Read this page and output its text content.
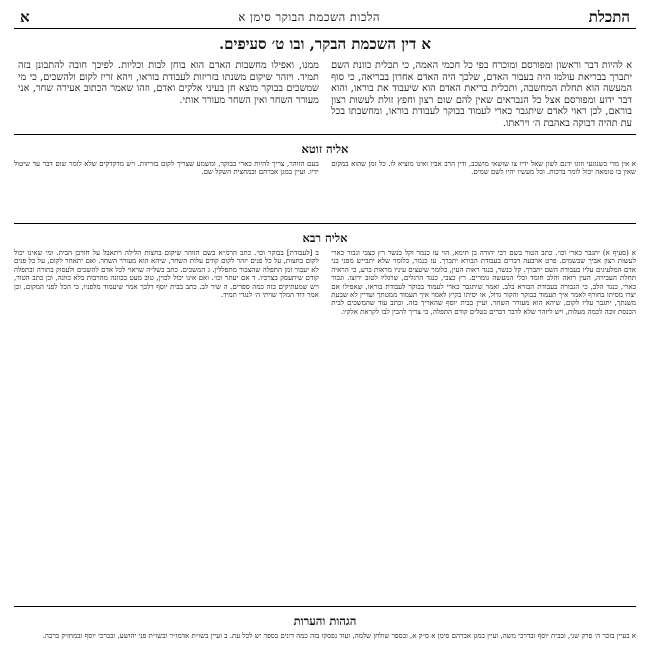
התכלת
הלכות השכמת הבוקר סימן א
א
א דין השכמת הבקר, ובו ט׳ סעיפים.
א להיות דבר וראשון ומפורסם ומוכרח בפי כל חכמי האמה, כי תכלית כוונת השם יתברך בבריאת עולמו היה בעבור האדם, שלכך היה האדם אחרון בבריאה, כי סוף המעשה הוא תחלת המחשבה, ותכלית בריאת האדם הוא שיעבוד את בוראו, והוא דבר ידוע ומפורסם אצל כל הנבראים שאין להם שום רצון וחפץ זולת לעשות רצון בוראם, לכן ראוי לאדם שיתגבר כארי לעמוד בבוקר לעבודת בוראו, ומחשבתו בכל עת תהיה דבוקה באהבת ה׳ ויראתו.
ממנו, ואפילו מחשבות האדם הוא בוחן לבות וכליות. לפיכך חובה להתבונן בזה תמיד. ויזהר שיקום משנתו בזריזות לעבודת בוראו, ויהא זריז לקום ולהשכים, כי מי שמשכים בבוקר מוצא חן בעיני אלקים ואדם, וזהו שאמר הכתוב אעירה שחר, אני מעורר השחר ואין השחר מעורר אותי.
אליה זוטא
א אין מדי כשנוגעי וזוגו ידנם לשון שאל ידיו צו שושאי מושכב, ודין הרב אביו ואינו מוציא לו. כל זמן שהוא במקום שאין בו טומאה יכול לומר ברכות. וכל מעשיו יהיו לשם שמים.
בעם הזוהר, צריך להיות כארי בבוקר, ומשמע שצריך לקום בזריזות. ויש מדקדקים שלא לומר שום דבר עד שיטול ידיו. ועיין במגן אברהם ובמחצית השקל שם.
אליה רבא
א (סעיף א) יתגבר כארי וכו׳. כתב הטור בשם רבי יהודה בן תימא, הוי עז כנמר וקל כנשר רץ כצבי וגבור כארי לעשות רצון אביך שבשמים. פרט ארבעה דברים בעבודת הבורא יתברך. עז כנמר, כלומר שלא יתבייש מפני בני אדם המלעיגים עליו בעבודת השם יתברך. קל כנשר, כנגד ראות העין, כלומר שיעצים עיניו מראות ברע, כי הראיה תחלת העבירה, העין רואה והלב חומד וכלי המעשה גומרים. רץ כצבי, כנגד הרגלים, שרגליו לטוב ירוצו. וגבור כארי, כנגד הלב, כי הגבורה בעבודת הבורא בלב. ואמר שיתגבר כארי לעמוד בבוקר לעבודת בוראו, שאפילו אם יצרו מסיתו בחורף לאמר איך תעמוד בבוקר והקור גדול, או יסיתו בקיץ לאמר איך תעמוד ממטתך ועדיין לא שבעת משנתך, יתגבר עליו לקום, שיהא הוא מעורר השחר. ועיין בבית יוסף שהאריך בזה. וכתב עוד שהמשכים לבית הכנסת זוכה לכמה מעלות, ויש ליזהר שלא לדבר דברים בטלים קודם התפלה, כי צריך להכין לבו לקראת אלקיו.
ב [לעבודת] בבוקר וכו׳. כתב הרמ״א בשם הזוהר שיקום בחצות הלילה ויתאבל על חורבן הבית. ומי שאינו יכול לקום בחצות, על כל פנים יזהר לקום קודם עלות השחר, שיהא הוא מעורר השחר. ואם יתאחר לקום, על כל פנים לא יעבור זמן התפלה שהצבור מתפללין. ג המשכים. כתב בשל״ה שראוי לכל אדם להשכים ולעסוק בתורה ובתפלה קודם שיתעסק בצרכיו. ד אם יעתר וכו׳. ואם אינו יכול לכוין, טוב מעט בכוונה מהרבות בלא כוונה, וכן כתב הטור, ויש שמעתיקים בזה כמה ספרים. ה שיר לב. כתב בבית יוסף דלכך אמר שיעמוד מלפניו, כי הכל לפני המקום, וכן אמר דוד המלך שויתי ה׳ לנגדי תמיד.
הגהות והערות
א בעיין בזכר ה׳ פרק שני, ובבית יוסף ובדרכי משה, ועיין במגן אברהם סימן א ס״ק א, ובספר שולחן שלמה, ועוד נפסקו בזה כמה דינים בספר יש לכל עת. ב ועיין בשו״ת אדמו״ר ובשו״ת פני יהושע, ובברכי יוסף ובמחזיק ברכה.
